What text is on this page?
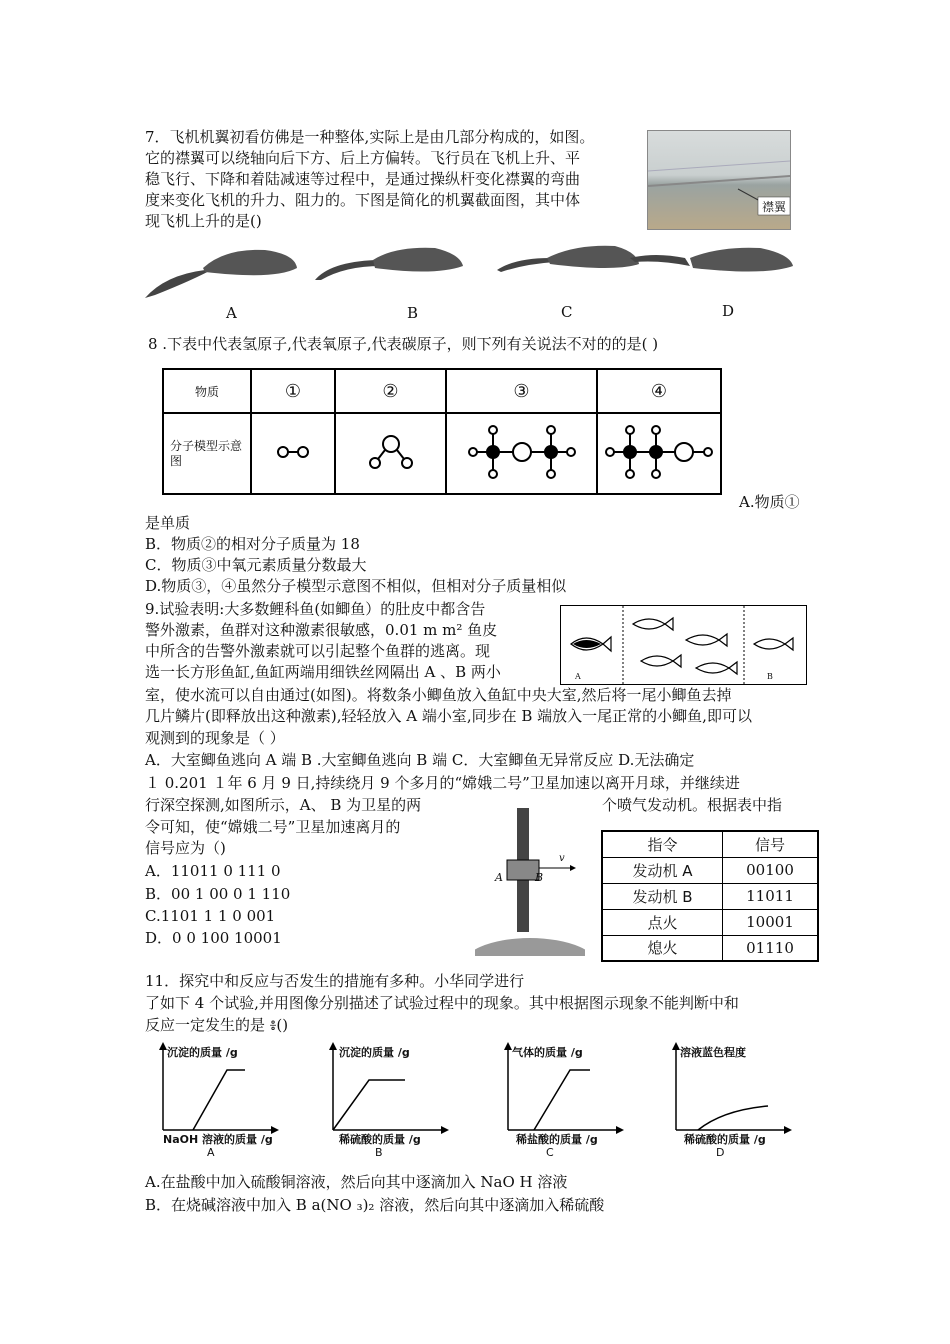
7．飞机机翼初看仿佛是一种整体,实际上是由几部分构成的，如图。
它的襟翼可以绕轴向后下方、后上方偏转。飞行员在飞机上升、平
稳飞行、下降和着陆减速等过程中，是通过操纵杆变化襟翼的弯曲
度来变化飞机的升力、阻力的。下图是简化的机翼截面图，其中体
现飞机上升的是()
襟翼
A	B	C	D
8 .下表中代表氢原子,代表氧原子,代表碳原子，则下列有关说法不对的的是( )
物质	①	②	③	④
分子模型示意图				
A.物质①
是单质
B．物质②的相对分子质量为 18
C．物质③中氧元素质量分数最大
D.物质③，④虽然分子模型示意图不相似，但相对分子质量相似
9.试验表明:大多数鲤科鱼(如鲫鱼）的肚皮中都含告
警外激素，鱼群对这种激素很敏感，0.01 m m² 鱼皮
中所含的告警外激素就可以引起整个鱼群的逃离。现
选一长方形鱼缸,鱼缸两端用细铁丝网隔出 A 、B 两小	A	B
室，使水流可以自由通过(如图)。将数条小鲫鱼放入鱼缸中央大室,然后将一尾小鲫鱼去掉
几片鳞片(即释放出这种激素),轻轻放入 A 端小室,同步在 B 端放入一尾正常的小鲫鱼,即可以
观测到的现象是（ ）
A．大室鲫鱼逃向 A 端 B .大室鲫鱼逃向 B 端 C．大室鲫鱼无异常反应 D.无法确定
１ 0.201 １年 6 月 9 日,持续绕月 9 个多月的“嫦娥二号”卫星加速以离开月球，并继续进
行深空探测,如图所示，A、 B 为卫星的两	个喷气发动机。根据表中指
令可知，使“嫦娥二号”卫星加速离月的
信号应为（)
A．11011 0 111 0
B．00 1 00 0 1 110
C.1101 1 1 0 001
D．0 0 100 10001
A	B
v
指令	信号
发动机 A	00100
发动机 B	11011
点火	10001
熄火	01110
11．探究中和反应与否发生的措施有多种。小华同学进行
了如下 4 个试验,并用图像分别描述了试验过程中的现象。其中根据图示现象不能判断中和
反应一定发生的是 ៖()
沉淀的质量 /g
NaOH 溶液的质量 /g
A
沉淀的质量 /g
稀硫酸的质量 /g
B
气体的质量 /g
稀盐酸的质量 /g
C
溶液蓝色程度
稀硫酸的质量 /g
D
A.在盐酸中加入硫酸铜溶液，然后向其中逐滴加入 NaO H 溶液
B．在烧碱溶液中加入 B a(NO ₃)₂ 溶液，然后向其中逐滴加入稀硫酸
